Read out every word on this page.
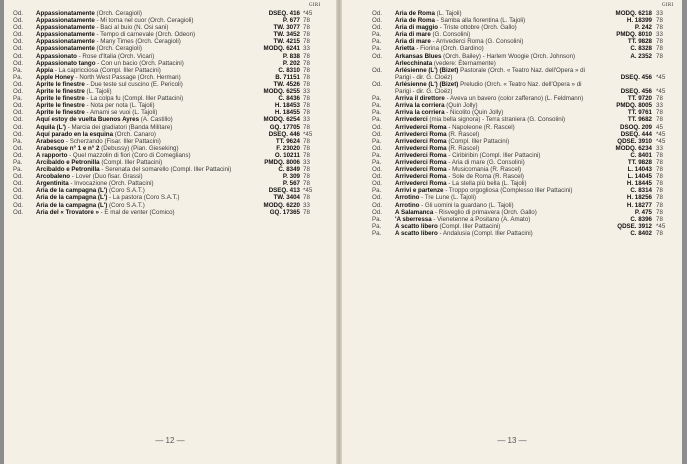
GIRI
Od. Appassionatamente (Orch. Ceragioli)	DSEQ. 416 *45
Od. Appassionatamente - Mi torna nel cuor (Orch. Ceragioli)	P. 677 78
Od. Appassionatamente - Baci al buio (N. Osi sani)	TW. 3077 78
Od. Appassionatamente - Tempo di carnevale (Orch. Odeon)	TW. 3452 78
Od. Appassionatamente - Many Times (Orch. Ceragioli)	TW. 4215 78
Od. Appassionatamente (Orch. Ceragioli)	MODQ. 6241 33
Od. Appassionato - Rose d'Italia (Orch. Vicari)	P. 838 78
Od. Appassionato tango - Con un bacio (Orch. Pattacini)	P. 202 78
Pa. Appia - La capricciosa (Compl. Iller Pattacini)	C. 8310 78
Pa. Apple Honey - North West Passage (Orch. Herman)	B. 71151 78
Od. Aprite le finestre - Due teste sul cuscino (E. Pericoli)	TW. 4526 78
Od. Aprite le finestre (L. Tajoli)	MODQ. 6255 33
Pa. Aprite le finestre - La colpa fu (Compl. Iller Pattacini)	C. 8436 78
Od. Aprite le finestre - Nota per nota (L. Tajoli)	H. 18453 78
Od. Aprite le finestre - Amami se vuoi (L. Tajoli)	H. 18455 78
Od. Aquí estoy de vuelta Buenos Ayres (A. Castillo)	MODQ. 6254 33
Od. Aquila (L') - Marcia dei gladiatori (Banda Militare)	GQ. 17705 78
Od. Aquí parado en la esquina (Orch. Canaro)	DSEQ. 446 *45
Pa. Arabesco - Scherzando (Fisar. Iller Pattacini)	TT. 9624 78
Od. Arabesque n° 1 e n° 2 (Debussy) (Pian. Gieseking)	F. 23020 78
Od. A rapporto - Quel mazzolin di fiori (Coro di Comeglians)	O. 10211 78
Pa. Arcibaldo e Petronilla (Compl. Iller Pattacini)	PMDQ. 8006 33
Pa. Arcibaldo e Petronilla - Serenata del somarello (Compl. Iller Pattacini)	C. 8349 78
Od. Arcobaleno - Lover (Duo fisar. Grassi)	P. 309 78
Od. Argentinita - Invocazione (Orch. Pattacini)	P. 567 78
Od. Aria de la campagna (L') (Coro S.A.T.)	DSEQ. 413 *45
Od. Aria de la campagna (L') - La pastora (Coro S.A.T.)	TW. 3404 78
Od. Aria de la campagna (L') (Coro S.A.T.)	MODQ. 6220 33
Od. Aria del « Trovatore » - E mal de venter (Comico)	GQ. 17365 78
— 12 —
GIRI
Od. Aria de Roma (L. Tajoli)	MODQ. 6218 33
Od. Aria de Roma - Samba alla fiorentina (L. Tajoli)	H. 18399 78
Od. Aria di maggio - Triste ottobre (Orch. Gallo)	P. 242 78
Pa. Aria di mare (G. Consolini)	PMDQ. 8010 33
Pa. Aria di mare - Arrivederci Roma (G. Consolini)	TT. 9828 78
Pa. Arietta - Fiorina (Orch. Gardino)	C. 8328 78
Od. Arkansas Blues (Orch. Bailey) - Harlem Woogie (Orch. Johnson)	A. 2352 78
Arlecchinata (vedere: Ėternamente)
Od. Arlésienne (L') (Bizet) Pastorale (Orch. « Teatro Naz. dell'Opera » di Parigi - dir. G. Cloëz)	DSEQ. 456 *45
Od. Arlésienne (L') (Bizet) Preludio (Orch. « Teatro Naz. dell'Opera » di Parigi - dir. G. Cloëz)	DSEQ. 456 *45
Pa. Arriva il direttore - Aveva un bavero (color zafferano) (L. Feldmann)	TT. 9720 78
Pa. Arriva la corriera (Quin Jolly)	PMDQ. 8005 33
Pa. Arriva la corriera - Nicolito (Quin Jolly)	TT. 9761 78
Pa. Arrivederci (mia bella signora) - Terra straniera (G. Consolini)	TT. 9682 78
Od. Arrivederci Roma - Napoleone (R. Rascel)	DSOQ. 209 45
Od. Arrivederci Roma (R. Rascel)	DSEQ. 444 *45
Pa. Arrivederci Roma (Compl. Iller Pattacini)	QDSE. 3910 *45
Od. Arrivederci Roma (R. Rascel)	MODQ. 6234 33
Pa. Arrivederci Roma - Ciribiribin (Compl. Iller Pattacini)	C. 8401 78
Pa. Arrivederci Roma - Aria di mare (G. Consolini)	TT. 9828 78
Od. Arrivederci Roma - Musicomania (R. Rascel)	L. 14043 78
Od. Arrivederci Roma - Sole de Roma (R. Rascel)	L. 14045 78
Od. Arrivederci Roma - La stella più bella (L. Tajoli)	H. 18445 78
Pa. Arrivi e partenze - Troppo orgogliosa (Complesso Iller Pattacini)	C. 8314 78
Od. Arrotino - Tre Lune (L. Tajoli)	H. 18256 78
Od. Arrotino - Gli uomini la guardano (L. Tajoli)	H. 18277 78
Od. A Salamanca - Risveglio di primavera (Orch. Gallo)	P. 475 78
Pa. 'A sberressa - Vienetenne a Positano (A. Amato)	C. 8396 78
Pa. A scatto libero (Compl. Iller Pattacini)	QDSE. 3912 *45
Pa. A scatto libero - Andalusia (Compl. Iller Pattacini)	C. 8402 78
— 13 —
